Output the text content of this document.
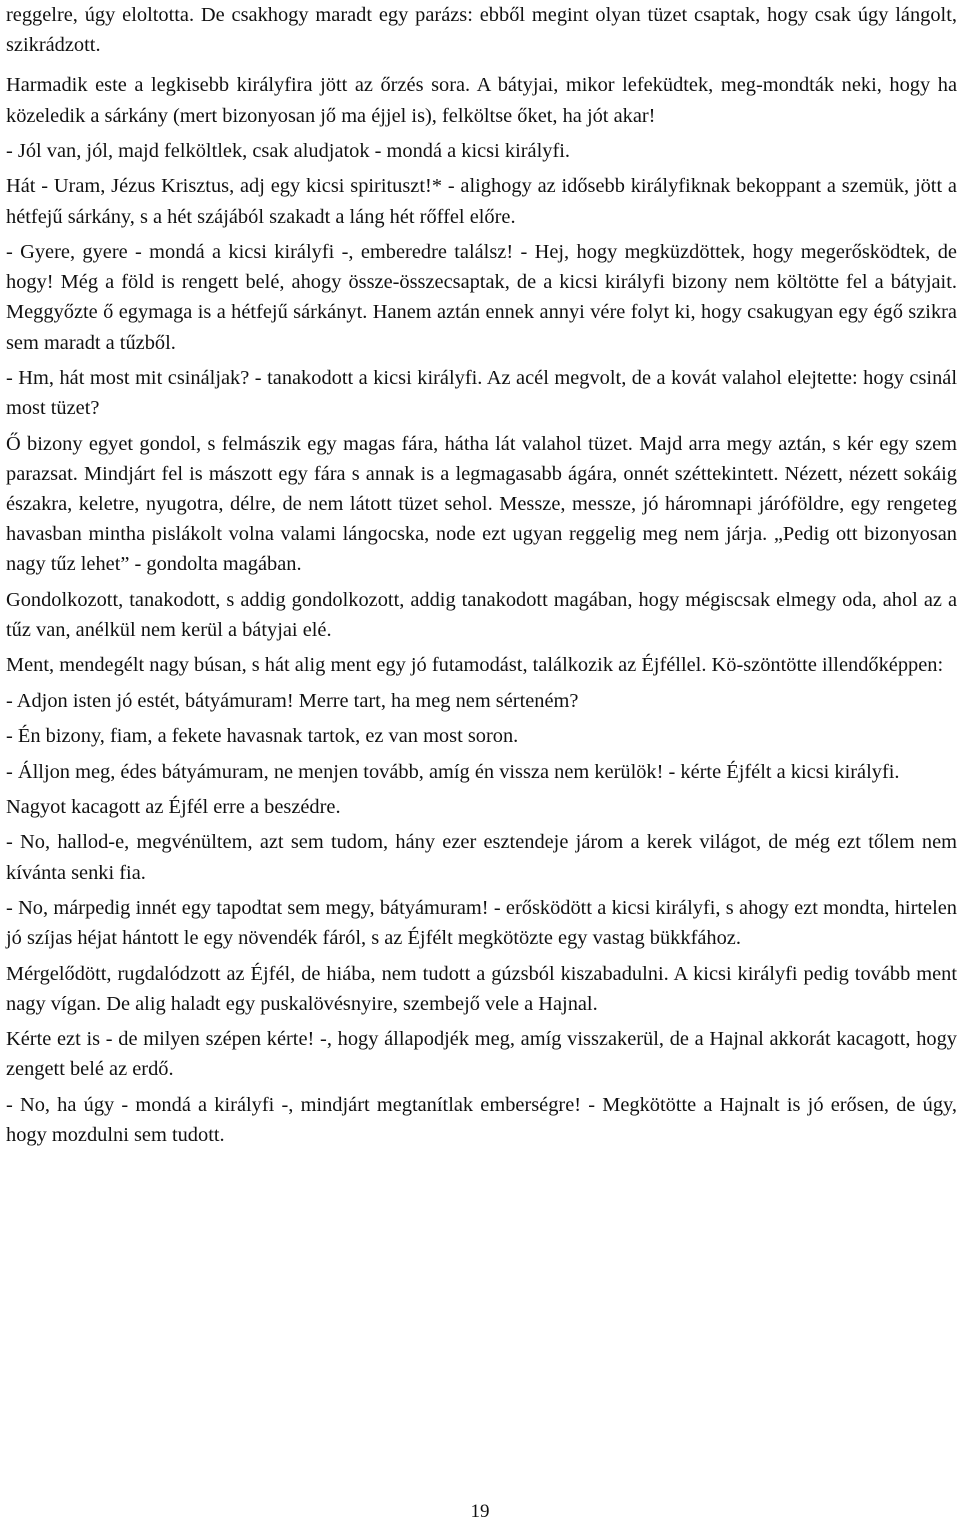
reggelre, úgy eloltotta. De csakhogy maradt egy parázs: ebből megint olyan tüzet csaptak, hogy csak úgy lángolt, szikrádzott.

Harmadik este a legkisebb királyfira jött az őrzés sora. A bátyjai, mikor lefeküdtek, meg-mondták neki, hogy ha közeledik a sárkány (mert bizonyosan jő ma éjjel is), felköltse őket, ha jót akar!

- Jól van, jól, majd felköltlek, csak aludjatok - mondá a kicsi királyfi.

Hát - Uram, Jézus Krisztus, adj egy kicsi spirituszt!* - alighogy az idősebb királyfiknak bekoppant a szemük, jött a hétfejű sárkány, s a hét szájából szakadt a láng hét rőffel előre.

- Gyere, gyere - mondá a kicsi királyfi -, emberedre találsz! - Hej, hogy megküzdöttek, hogy megerősködtek, de hogy! Még a föld is rengett belé, ahogy össze-összecsaptak, de a kicsi királyfi bizony nem költötte fel a bátyjait. Meggyőzte ő egymaga is a hétfejű sárkányt. Hanem aztán ennek annyi vére folyt ki, hogy csakugyan egy égő szikra sem maradt a tűzből.

- Hm, hát most mit csináljak? - tanakodott a kicsi királyfi. Az acél megvolt, de a kovát valahol elejtette: hogy csinál most tüzet?

Ő bizony egyet gondol, s felmászik egy magas fára, hátha lát valahol tüzet. Majd arra megy aztán, s kér egy szem parazsat. Mindjárt fel is mászott egy fára s annak is a legmagasabb ágára, onnét széttekintett. Nézett, nézett sokáig északra, keletre, nyugotra, délre, de nem látott tüzet sehol. Messze, messze, jó háromnapi járóföldre, egy rengeteg havasban mintha pislákolt volna valami lángocska, node ezt ugyan reggelig meg nem járja. „Pedig ott bizonyosan nagy tűz lehet” - gondolta magában.

Gondolkozott, tanakodott, s addig gondolkozott, addig tanakodott magában, hogy mégiscsak elmegy oda, ahol az a tűz van, anélkül nem kerül a bátyjai elé.

Ment, mendegélt nagy búsan, s hát alig ment egy jó futamodást, találkozik az Éjféllel. Kö-szöntötte illendőképpen:

- Adjon isten jó estét, bátyámuram! Merre tart, ha meg nem sérteném?

- Én bizony, fiam, a fekete havasnak tartok, ez van most soron.

- Álljon meg, édes bátyámuram, ne menjen tovább, amíg én vissza nem kerülök! - kérte Éjfélt a kicsi királyfi.

Nagyot kacagott az Éjfél erre a beszédre.

- No, hallod-e, megvénültem, azt sem tudom, hány ezer esztendeje járom a kerek világot, de még ezt tőlem nem kívánta senki fia.

- No, márpedig innét egy tapodtat sem megy, bátyámuram! - erősködött a kicsi királyfi, s ahogy ezt mondta, hirtelen jó szíjas héjat hántott le egy növendék fáról, s az Éjfélt megkötözte egy vastag bükkfához.

Mérgelődött, rugdalódzott az Éjfél, de hiába, nem tudott a gúzsból kiszabadulni. A kicsi királyfi pedig tovább ment nagy vígan. De alig haladt egy puskalövésnyire, szembejő vele a Hajnal.

Kérte ezt is - de milyen szépen kérte! -, hogy állapodjék meg, amíg visszakerül, de a Hajnal akkorát kacagott, hogy zengett belé az erdő.

- No, ha úgy - mondá a királyfi -, mindjárt megtanítlak emberségre! - Megkötötte a Hajnalt is jó erősen, de úgy, hogy mozdulni sem tudott.

19
